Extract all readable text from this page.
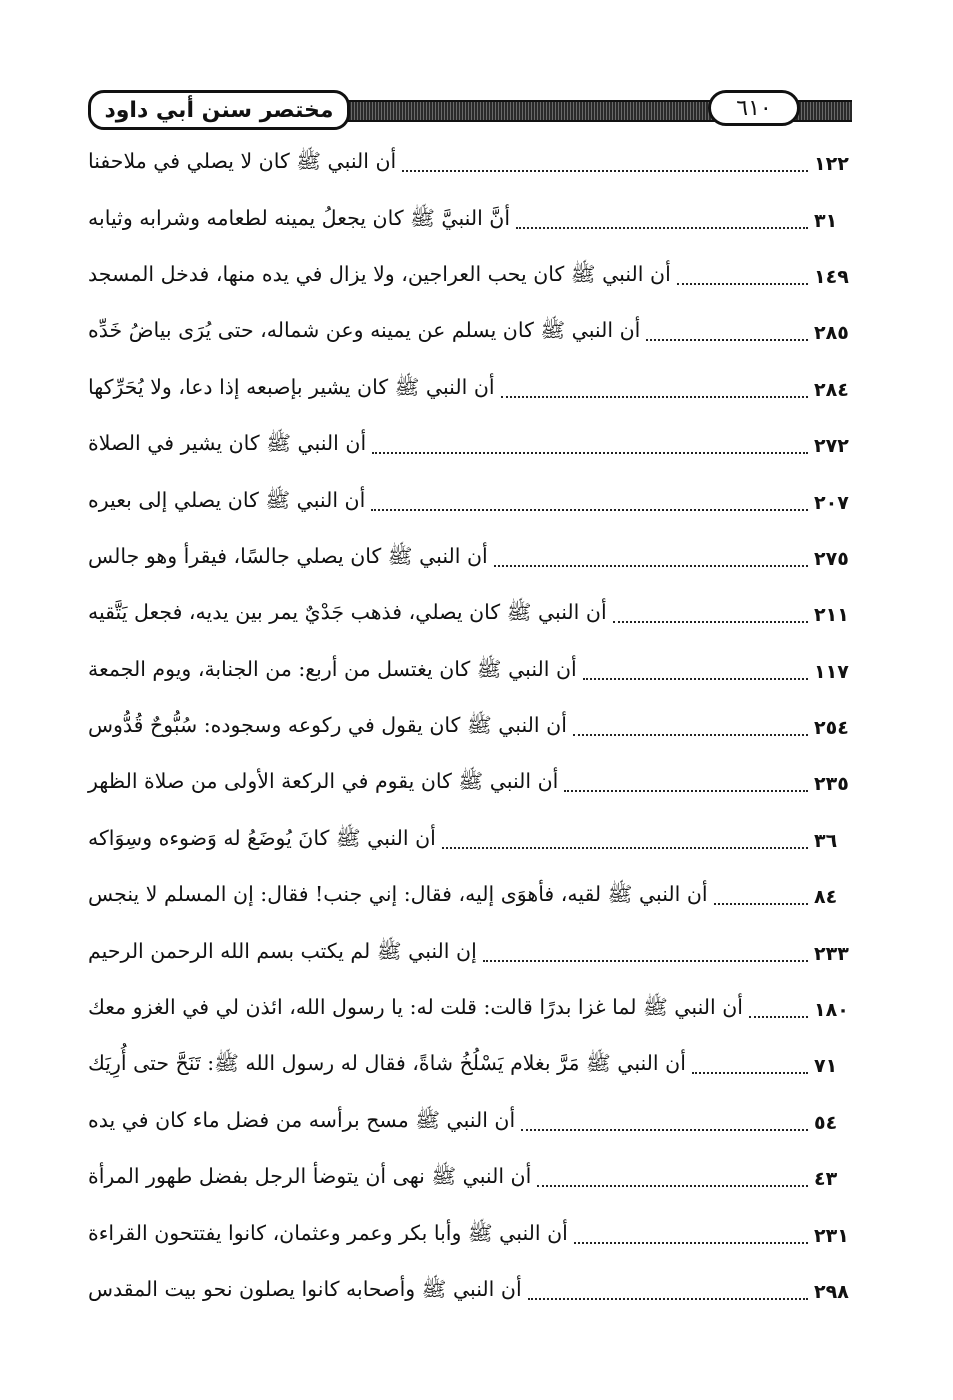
مختصر سنن أبي داود	٦١٠
أن النبي ﷺ كان لا يصلي في ملاحفنا	١٢٢
أنَّ النبيَّ ﷺ كان يجعلُ يمينه لطعامه وشرابه وثيابه	٣١
أن النبي ﷺ كان يحب العراجين، ولا يزال في يده منها، فدخل المسجد	١٤٩
أن النبي ﷺ كان يسلم عن يمينه وعن شماله، حتى يُرَى بياضُ خَدِّه	٢٨٥
أن النبي ﷺ كان يشير بإصبعه إذا دعا، ولا يُحَرِّكها	٢٨٤
أن النبي ﷺ كان يشير في الصلاة	٢٧٢
أن النبي ﷺ كان يصلي إلى بعيره	٢٠٧
أن النبي ﷺ كان يصلي جالسًا، فيقرأ وهو جالس	٢٧٥
أن النبي ﷺ كان يصلي، فذهب جَدْيٌ يمر بين يديه، فجعل يَتَّقيه	٢١١
أن النبي ﷺ كان يغتسل من أربع: من الجنابة، ويوم الجمعة	١١٧
أن النبي ﷺ كان يقول في ركوعه وسجوده: سُبُّوحٌ قُدُّوس	٢٥٤
أن النبي ﷺ كان يقوم في الركعة الأولى من صلاة الظهر	٢٣٥
أن النبي ﷺ كانَ يُوضَعُ له وَضوءه وسِوَاكه	٣٦
أن النبي ﷺ لقيه، فأهوَى إليه، فقال: إني جنب! فقال: إن المسلم لا ينجس	٨٤
إن النبي ﷺ لم يكتب بسم الله الرحمن الرحيم	٢٣٣
أن النبي ﷺ لما غزا بدرًا قالت: قلت له: يا رسول الله، ائذن لي في الغزو معك	١٨٠
أن النبي ﷺ مَرَّ بغلام يَسْلُخُ شاةً، فقال له رسول الله ﷺ: تَنَحَّ حتى أُرِيَك	٧١
أن النبي ﷺ مسح برأسه من فضل ماء كان في يده	٥٤
أن النبي ﷺ نهى أن يتوضأ الرجل بفضل طهور المرأة	٤٣
أن النبي ﷺ وأبا بكر وعمر وعثمان، كانوا يفتتحون القراءة	٢٣١
أن النبي ﷺ وأصحابه كانوا يصلون نحو بيت المقدس	٢٩٨
